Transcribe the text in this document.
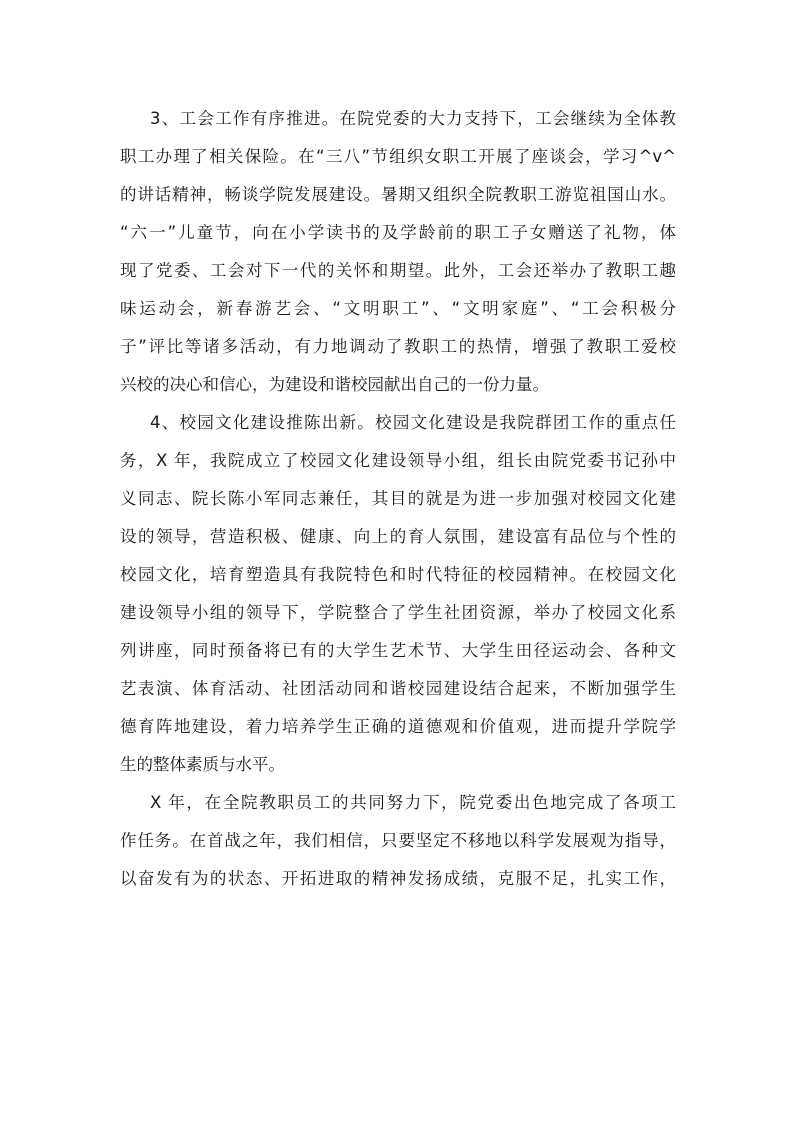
3、工会工作有序推进。在院党委的大力支持下，工会继续为全体教
职工办理了相关保险。在“三八”节组织女职工开展了座谈会，学习^v^
的讲话精神，畅谈学院发展建设。暑期又组织全院教职工游览祖国山水。
“六一”儿童节，向在小学读书的及学龄前的职工子女赠送了礼物，体
现了党委、工会对下一代的关怀和期望。此外，工会还举办了教职工趣
味运动会，新春游艺会、“文明职工”、“文明家庭”、“工会积极分
子”评比等诸多活动，有力地调动了教职工的热情，增强了教职工爱校
兴校的决心和信心，为建设和谐校园献出自己的一份力量。
4、校园文化建设推陈出新。校园文化建设是我院群团工作的重点任
务，X 年，我院成立了校园文化建设领导小组，组长由院党委书记孙中
义同志、院长陈小军同志兼任，其目的就是为进一步加强对校园文化建
设的领导，营造积极、健康、向上的育人氛围，建设富有品位与个性的
校园文化，培育塑造具有我院特色和时代特征的校园精神。在校园文化
建设领导小组的领导下，学院整合了学生社团资源，举办了校园文化系
列讲座，同时预备将已有的大学生艺术节、大学生田径运动会、各种文
艺表演、体育活动、社团活动同和谐校园建设结合起来，不断加强学生
德育阵地建设，着力培养学生正确的道德观和价值观，进而提升学院学
生的整体素质与水平。
X 年，在全院教职员工的共同努力下，院党委出色地完成了各项工
作任务。在首战之年，我们相信，只要坚定不移地以科学发展观为指导，
以奋发有为的状态、开拓进取的精神发扬成绩，克服不足，扎实工作，
